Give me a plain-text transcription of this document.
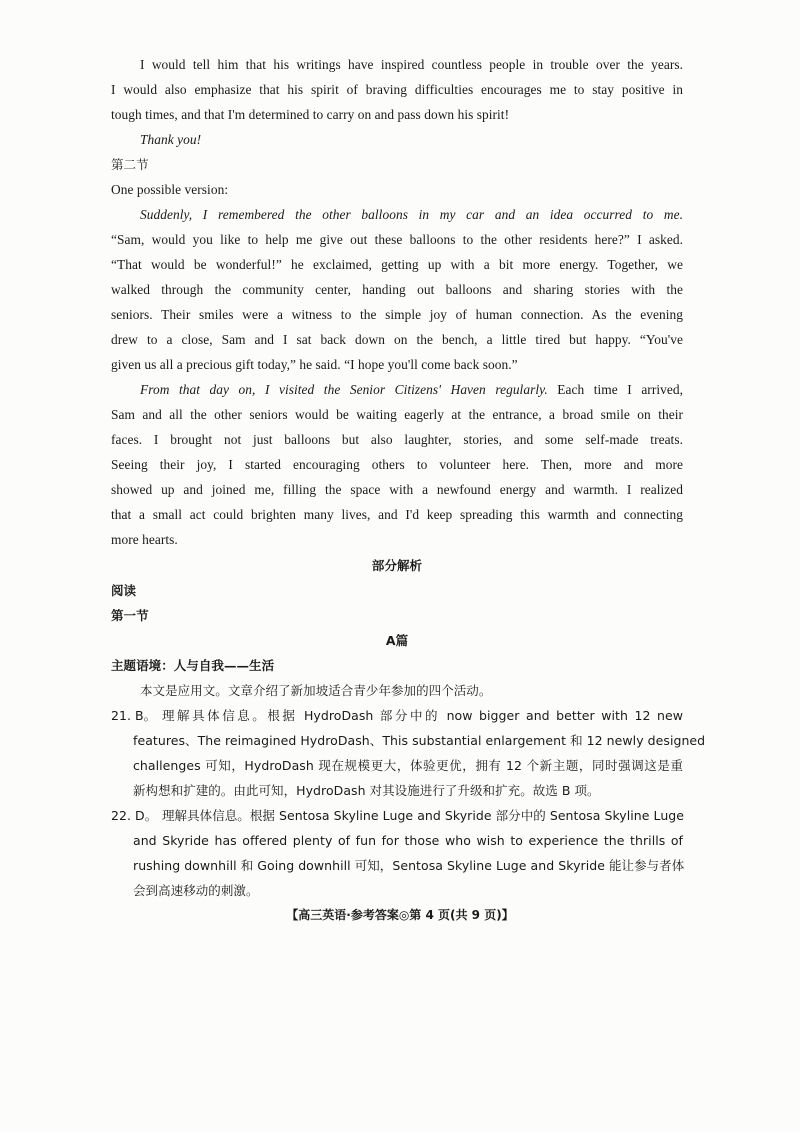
I would tell him that his writings have inspired countless people in trouble over the years.
I would also emphasize that his spirit of braving difficulties encourages me to stay positive in
tough times, and that I'm determined to carry on and pass down his spirit!
Thank you!
第二节
One possible version:
Suddenly, I remembered the other balloons in my car and an idea occurred to me.
“Sam, would you like to help me give out these balloons to the other residents here?” I asked.
“That would be wonderful!” he exclaimed, getting up with a bit more energy. Together, we
walked through the community center, handing out balloons and sharing stories with the
seniors. Their smiles were a witness to the simple joy of human connection. As the evening
drew to a close, Sam and I sat back down on the bench, a little tired but happy. “You've
given us all a precious gift today,” he said. “I hope you'll come back soon.”
From that day on, I visited the Senior Citizens' Haven regularly. Each time I arrived,
Sam and all the other seniors would be waiting eagerly at the entrance, a broad smile on their
faces. I brought not just balloons but also laughter, stories, and some self-made treats.
Seeing their joy, I started encouraging others to volunteer here. Then, more and more
showed up and joined me, filling the space with a newfound energy and warmth. I realized
that a small act could brighten many lives, and I'd keep spreading this warmth and connecting
more hearts.
部分解析
阅读
第一节
A篇
主题语境：人与自我——生活
本文是应用文。文章介绍了新加坡适合青少年参加的四个活动。
21. B。 理解具体信息。根据 HydroDash 部分中的 now bigger and better with 12 new
features、The reimagined HydroDash、This substantial enlargement 和 12 newly designed
challenges 可知，HydroDash 现在规模更大，体验更优，拥有 12 个新主题，同时强调这是重
新构想和扩建的。由此可知，HydroDash 对其设施进行了升级和扩充。故选 B 项。
22. D。 理解具体信息。根据 Sentosa Skyline Luge and Skyride 部分中的 Sentosa Skyline Luge
and Skyride has offered plenty of fun for those who wish to experience the thrills of
rushing downhill 和 Going downhill 可知，Sentosa Skyline Luge and Skyride 能让参与者体
会到高速移动的刺激。
【高三英语·参考答案◎第 4 页(共 9 页)】
